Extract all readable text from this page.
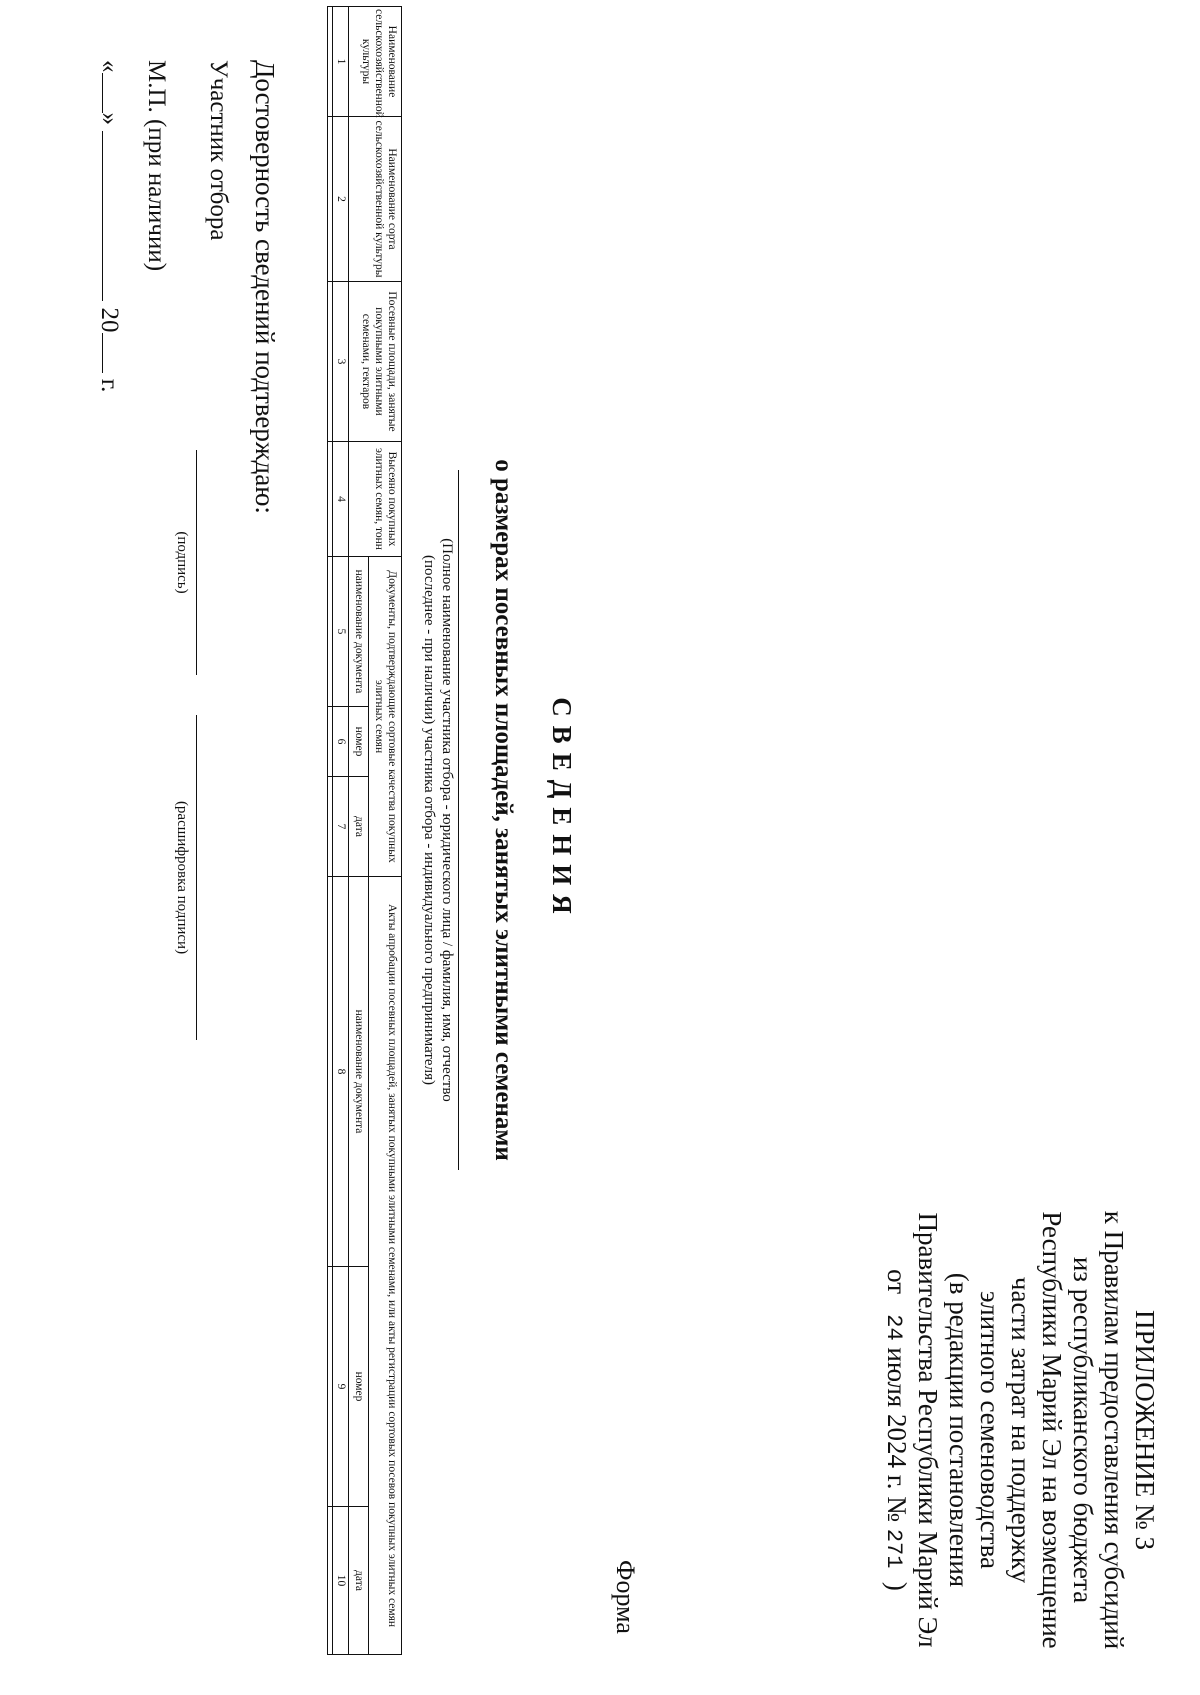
ПРИЛОЖЕНИЕ № 3
к Правилам предоставления субсидий
из республиканского бюджета
Республики Марий Эл на возмещение
части затрат на поддержку
элитного семеноводства
(в редакции постановления
Правительства Республики Марий Эл
от   24 июля 2024 г. № 271  )
Форма
СВЕДЕНИЯ
о размерах посевных площадей, занятых элитными семенами
(Полное наименование участника отбора - юридического лица / фамилия, имя, отчество
(последнее - при наличии) участника отбора - индивидуального предпринимателя)
Наименование сельскохозяйственной культуры	Наименование сорта сельскохозяйственной культуры	Посевные площади, занятые покупными элитными семенами, гектаров	Высеяно покупных элитных семян, тонн	Документы, подтверждающие сортовые качества покупных элитных семян			Акты апробации посевных площадей, занятых покупными элитными семенами, или акты регистрации сортовых посевов покупных элитных семян		
				наименование документа	номер	дата	наименование документа	номер	дата
1	2	3	4	5	6	7	8	9	10

Достоверность сведений подтверждаю:
Участник отбора
(подпись)
(расшифровка подписи)
М.П. (при наличии)
«»  20 г.
